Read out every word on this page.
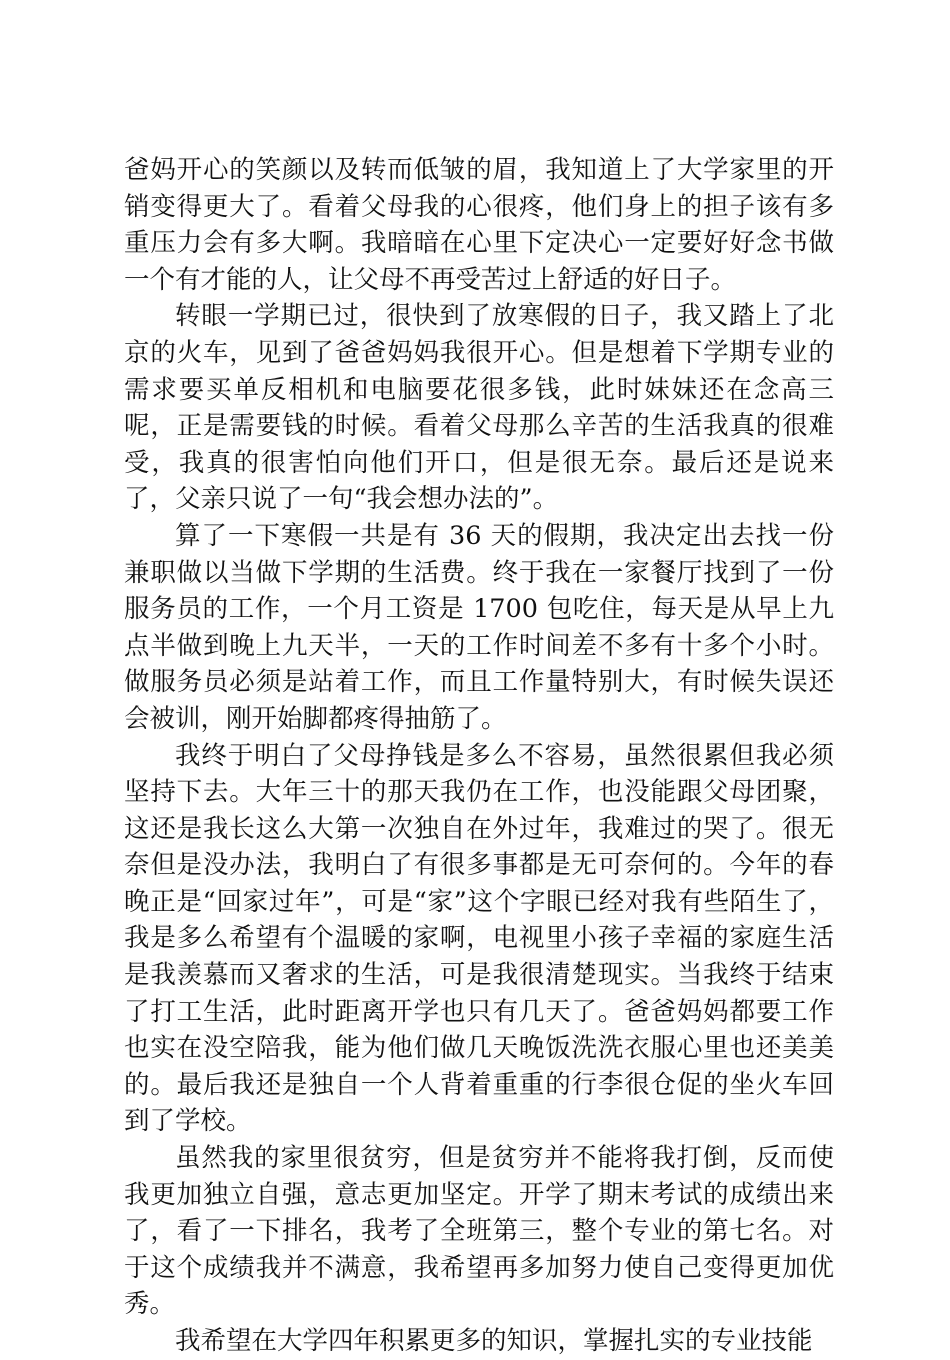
爸妈开心的笑颜以及转而低皱的眉，我知道上了大学家里的开销变得更大了。看着父母我的心很疼，他们身上的担子该有多重压力会有多大啊。我暗暗在心里下定决心一定要好好念书做一个有才能的人，让父母不再受苦过上舒适的好日子。

转眼一学期已过，很快到了放寒假的日子，我又踏上了北京的火车，见到了爸爸妈妈我很开心。但是想着下学期专业的需求要买单反相机和电脑要花很多钱，此时妹妹还在念高三呢，正是需要钱的时候。看着父母那么辛苦的生活我真的很难受，我真的很害怕向他们开口，但是很无奈。最后还是说来了，父亲只说了一句“我会想办法的”。

算了一下寒假一共是有 36 天的假期，我决定出去找一份兼职做以当做下学期的生活费。终于我在一家餐厅找到了一份服务员的工作，一个月工资是 1700 包吃住，每天是从早上九点半做到晚上九天半，一天的工作时间差不多有十多个小时。做服务员必须是站着工作，而且工作量特别大，有时候失误还会被训，刚开始脚都疼得抽筋了。

我终于明白了父母挣钱是多么不容易，虽然很累但我必须坚持下去。大年三十的那天我仍在工作，也没能跟父母团聚，这还是我长这么大第一次独自在外过年，我难过的哭了。很无奈但是没办法，我明白了有很多事都是无可奈何的。今年的春晚正是“回家过年”，可是“家”这个字眼已经对我有些陌生了，我是多么希望有个温暖的家啊，电视里小孩子幸福的家庭生活是我羡慕而又奢求的生活，可是我很清楚现实。当我终于结束了打工生活，此时距离开学也只有几天了。爸爸妈妈都要工作也实在没空陪我，能为他们做几天晚饭洗洗衣服心里也还美美的。最后我还是独自一个人背着重重的行李很仓促的坐火车回到了学校。

虽然我的家里很贫穷，但是贫穷并不能将我打倒，反而使我更加独立自强，意志更加坚定。开学了期末考试的成绩出来了，看了一下排名，我考了全班第三，整个专业的第七名。对于这个成绩我并不满意，我希望再多加努力使自己变得更加优秀。

我希望在大学四年积累更多的知识，掌握扎实的专业技能
